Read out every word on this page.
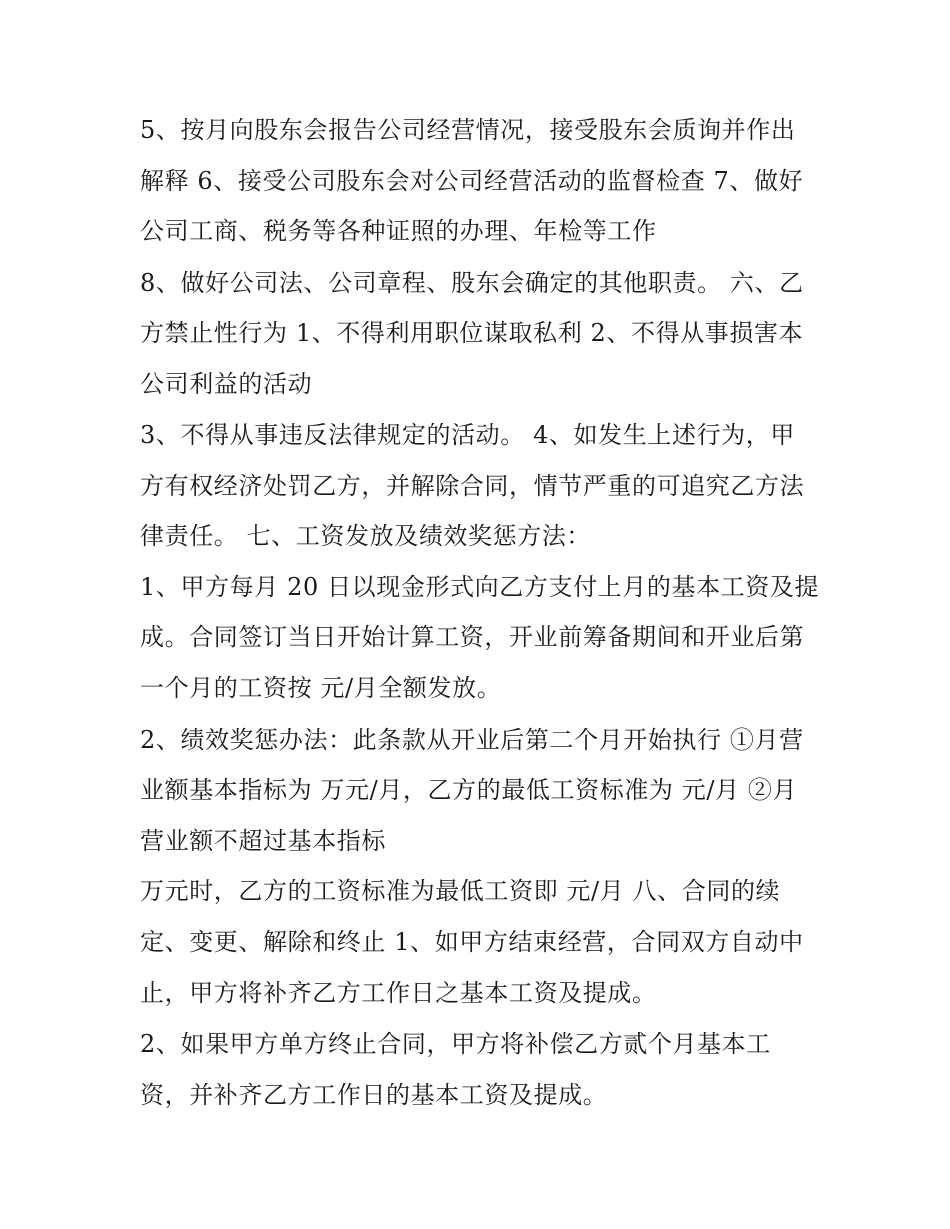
5、按月向股东会报告公司经营情况，接受股东会质询并作出
解释 6、接受公司股东会对公司经营活动的监督检查 7、做好
公司工商、税务等各种证照的办理、年检等工作
8、做好公司法、公司章程、股东会确定的其他职责。 六、乙
方禁止性行为 1、不得利用职位谋取私利 2、不得从事损害本
公司利益的活动
3、不得从事违反法律规定的活动。 4、如发生上述行为，甲
方有权经济处罚乙方，并解除合同，情节严重的可追究乙方法
律责任。 七、工资发放及绩效奖惩方法：
1、甲方每月 20 日以现金形式向乙方支付上月的基本工资及提
成。合同签订当日开始计算工资，开业前筹备期间和开业后第
一个月的工资按 元/月全额发放。
2、绩效奖惩办法：此条款从开业后第二个月开始执行 ①月营
业额基本指标为 万元/月，乙方的最低工资标准为 元/月 ②月
营业额不超过基本指标
万元时，乙方的工资标准为最低工资即 元/月 八、合同的续
定、变更、解除和终止 1、如甲方结束经营，合同双方自动中
止，甲方将补齐乙方工作日之基本工资及提成。
2、如果甲方单方终止合同，甲方将补偿乙方贰个月基本工
资，并补齐乙方工作日的基本工资及提成。
